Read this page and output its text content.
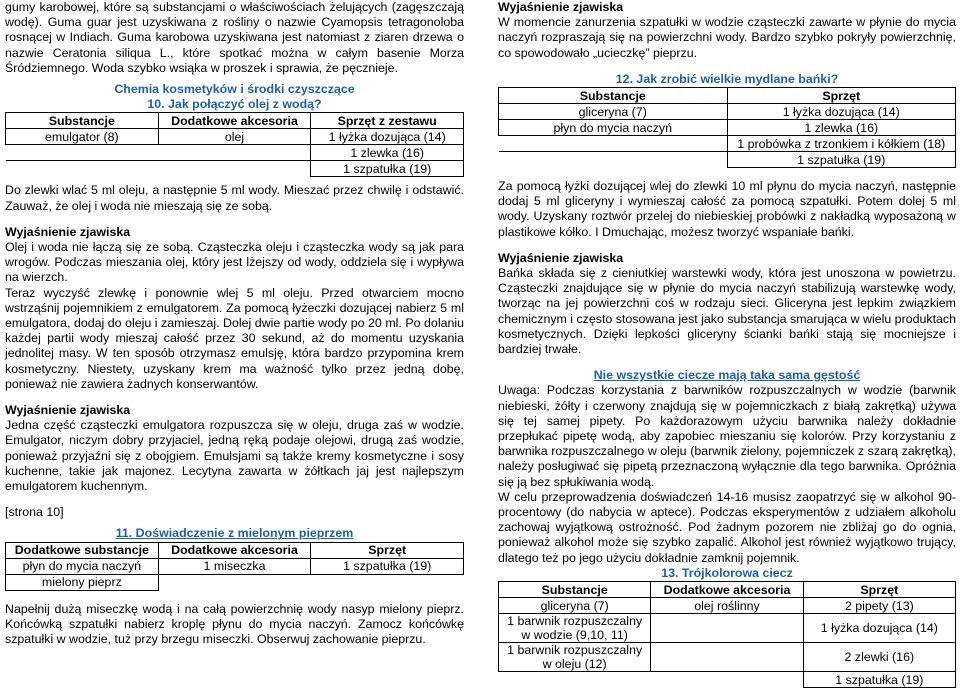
gumy karobowej, które są substancjami o właściwościach żelujących (zagęszczają wodę). Guma guar jest uzyskiwana z rośliny o nazwie Cyamopsis tetragonoloba rosnącej w Indiach. Guma karobowa uzyskiwana jest natomiast z ziaren drzewa o nazwie Ceratonia siliqua L., które spotkać można w całym basenie Morza Śródziemnego. Woda szybko wsiąka w proszek i sprawia, że pęcznieje.

Chemia kosmetyków i środki czyszczące

10. Jak połączyć olej z wodą?

Substancje	Dodatkowe akcesoria	Sprzęt z zestawu
emulgator (8)	olej	1 łyżka dozująca (14)
		1 zlewka (16)
		1 szpatułka (19)

Do zlewki wlać 5 ml oleju, a następnie 5 ml wody. Mieszać przez chwilę i odstawić. Zauważ, że olej i woda nie mieszają się ze sobą.

Wyjaśnienie zjawiska

Olej i woda nie łączą się ze sobą. Cząsteczka oleju i cząsteczka wody są jak para wrogów. Podczas mieszania olej, który jest lżejszy od wody, oddziela się i wypływa na wierzch.

Teraz wyczyść zlewkę i ponownie wlej 5 ml oleju. Przed otwarciem mocno wstrząśnij pojemnikiem z emulgatorem. Za pomocą łyżeczki dozującej nabierz 5 ml emulgatora, dodaj do oleju i zamieszaj. Dolej dwie partie wody po 20 ml. Po dolaniu każdej partii wody mieszaj całość przez 30 sekund, aż do momentu uzyskania jednolitej masy. W ten sposób otrzymasz emulsję, która bardzo przypomina krem kosmetyczny. Niestety, uzyskany krem ma ważność tylko przez jedną dobę, ponieważ nie zawiera żadnych konserwantów.

Wyjaśnienie zjawiska

Jedna część cząsteczki emulgatora rozpuszcza się w oleju, druga zaś w wodzie. Emulgator, niczym dobry przyjaciel, jedną ręką podaje olejowi, drugą zaś wodzie, ponieważ przyjaźni się z obojgiem. Emulsjami są także kremy kosmetyczne i sosy kuchenne, takie jak majonez. Lecytyna zawarta w żółtkach jaj jest najlepszym emulgatorem kuchennym.

[strona 10]

11. Doświadczenie z mielonym pieprzem

Dodatkowe substancje	Dodatkowe akcesoria	Sprzęt
płyn do mycia naczyń	1 miseczka	1 szpatułka (19)
mielony pieprz		

Napełnij dużą miseczkę wodą i na całą powierzchnię wody nasyp mielony pieprz. Końcówką szpatułki nabierz kroplę płynu do mycia naczyń. Zamocz końcówkę szpatułki w wodzie, tuż przy brzegu miseczki. Obserwuj zachowanie pieprzu.

Wyjaśnienie zjawiska

W momencie zanurzenia szpatułki w wodzie cząsteczki zawarte w płynie do mycia naczyń rozpraszają się na powierzchni wody. Bardzo szybko pokryły powierzchnię, co spowodowało „ucieczkę” pieprzu.

12. Jak zrobić wielkie mydlane bańki?

Substancje	Sprzęt
gliceryna (7)	1 łyżka dozująca (14)
płyn do mycia naczyń	1 zlewka (16)
	1 probówka z trzonkiem i kółkiem (18)
	1 szpatułka (19)

Za pomocą łyżki dozującej wlej do zlewki 10 ml płynu do mycia naczyń, następnie dodaj 5 ml gliceryny i wymieszaj całość za pomocą szpatułki. Potem dolej 5 ml wody. Uzyskany roztwór przelej do niebieskiej probówki z nakładką wyposażoną w plastikowe kółko. I Dmuchając, możesz tworzyć wspaniałe bańki.

Wyjaśnienie zjawiska

Bańka składa się z cieniutkiej warstewki wody, która jest unoszona w powietrzu. Cząsteczki znajdujące się w płynie do mycia naczyń stabilizują warstewkę wody, tworząc na jej powierzchni coś w rodzaju sieci. Gliceryna jest lepkim związkiem chemicznym i często stosowana jest jako substancja smarująca w wielu produktach kosmetycznych. Dzięki lepkości gliceryny ścianki bańki stają się mocniejsze i bardziej trwałe.

Nie wszystkie ciecze mają taka sama gęstość

Uwaga: Podczas korzystania z barwników rozpuszczalnych w wodzie (barwnik niebieski, żółty i czerwony znajdują się w pojemniczkach z białą zakrętką) używa się tej samej pipety. Po każdorazowym użyciu barwnika należy dokładnie przepłukać pipetę wodą, aby zapobiec mieszaniu się kolorów. Przy korzystaniu z barwnika rozpuszczalnego w oleju (barwnik zielony, pojemniczek z szarą zakrętką), należy posługiwać się pipetą przeznaczoną wyłącznie dla tego barwnika. Opróżnia się ją bez spłukiwania wodą.

W celu przeprowadzenia doświadczeń 14-16 musisz zaopatrzyć się w alkohol 90-procentowy (do nabycia w aptece). Podczas eksperymentów z udziałem alkoholu zachowaj wyjątkową ostrożność. Pod żadnym pozorem nie zbliżaj go do ognia, ponieważ alkohol może się szybko zapalić. Alkohol jest również wyjątkowo trujący, dlatego też po jego użyciu dokładnie zamknij pojemnik.

13. Trójkolorowa ciecz

Substancje	Dodatkowe akcesoria	Sprzęt
gliceryna (7)	olej roślinny	2 pipety (13)
1 barwnik rozpuszczalny w wodzie (9,10, 11)		1 łyżka dozująca (14)
1 barwnik rozpuszczalny w oleju (12)		2 zlewki (16)
		1 szpatułka (19)
